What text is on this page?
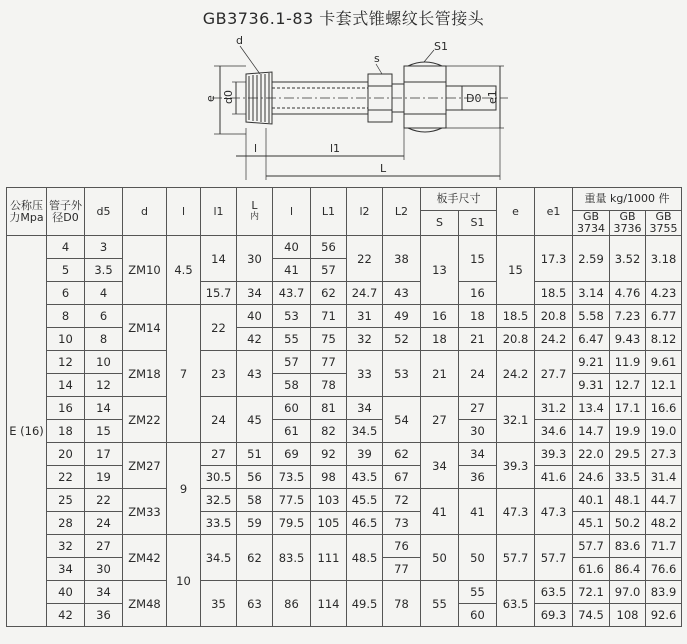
GB3736.1-83 卡套式锥螺纹长管接头
d
s
S1
e d0	D0 e1
l	l1
L
公称压力Mpa	管子外径D0	d5	d	l	l1	L
内	l	L1	l2	L2	板手尺寸		e	e1	重量 kg/1000 件		
											S	S1			GB 3734	GB 3736	GB 3755
E (16)	4	3	ZM10	4.5	14	30	40	56	22	38	13	15	15	17.3	2.59	3.52	3.18
	5	3.5					41	57									
	6	4			15.7	34	43.7	62	24.7	43		16		18.5	3.14	4.76	4.23
	8	6	ZM14	7	22	40	53	71	31	49	16	18	18.5	20.8	5.58	7.23	6.77
	10	8				42	55	75	32	52	18	21	20.8	24.2	6.47	9.43	8.12
	12	10	ZM18		23	43	57	77	33	53	21	24	24.2	27.7	9.21	11.9	9.61
	14	12					58	78							9.31	12.7	12.1
	16	14	ZM22		24	45	60	81	34	54	27	27	32.1	31.2	13.4	17.1	16.6
	18	15					61	82	34.5			30		34.6	14.7	19.9	19.0
	20	17	ZM27	9	27	51	69	92	39	62	34	34	39.3	39.3	22.0	29.5	27.3
	22	19			30.5	56	73.5	98	43.5	67		36		41.6	24.6	33.5	31.4
	25	22	ZM33		32.5	58	77.5	103	45.5	72	41	41	47.3	47.3	40.1	48.1	44.7
	28	24			33.5	59	79.5	105	46.5	73					45.1	50.2	48.2
	32	27	ZM42	10	34.5	62	83.5	111	48.5	76	50	50	57.7	57.7	57.7	83.6	71.7
	34	30								77					61.6	86.4	76.6
	40	34	ZM48		35	63	86	114	49.5	78	55	55	63.5	63.5	72.1	97.0	83.9
	42	36										60		69.3	74.5	108	92.6
